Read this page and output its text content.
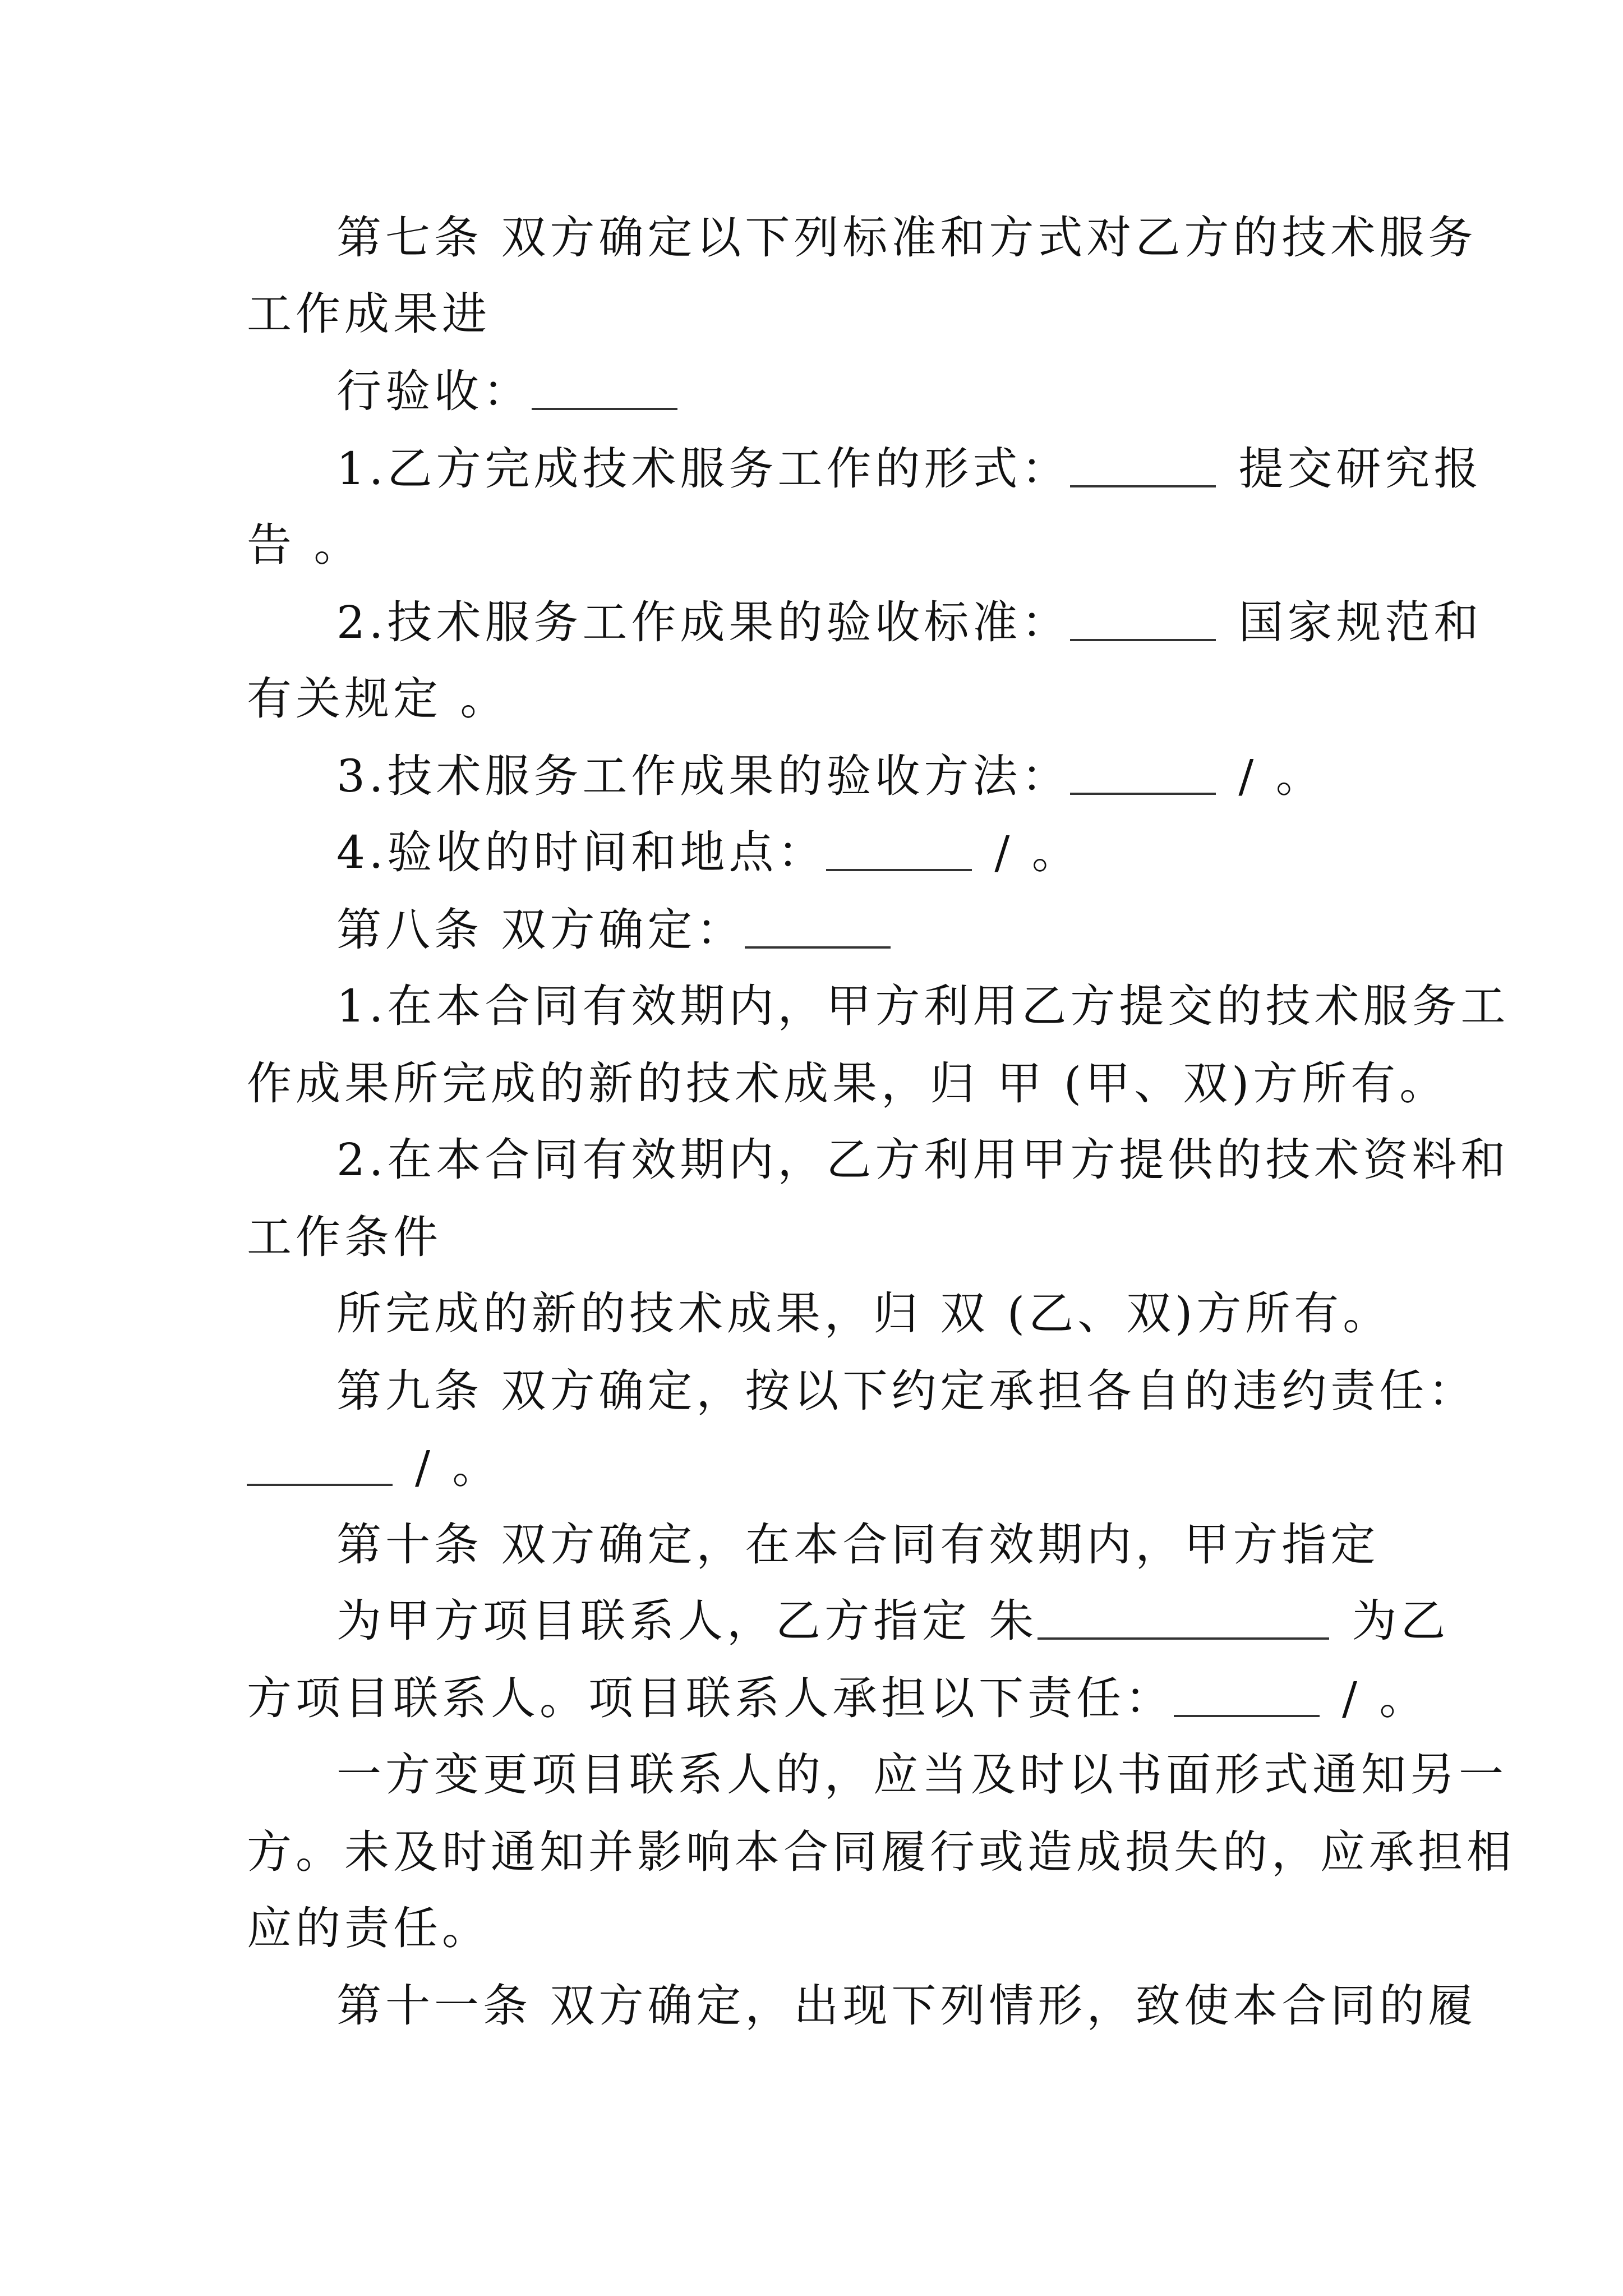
第七条 双方确定以下列标准和方式对乙方的技术服务
工作成果进
行验收：
1.乙方完成技术服务工作的形式：	提交研究报
告 。
2.技术服务工作成果的验收标准：	国家规范和
有关规定 。
3.技术服务工作成果的验收方法：	/ 。
4.验收的时间和地点：	/ 。
第八条 双方确定：
1.在本合同有效期内，甲方利用乙方提交的技术服务工
作成果所完成的新的技术成果，归 甲 (甲、双)方所有。
2.在本合同有效期内，乙方利用甲方提供的技术资料和
工作条件
所完成的新的技术成果，归 双 (乙、双)方所有。
第九条 双方确定，按以下约定承担各自的违约责任：
/ 。
第十条 双方确定，在本合同有效期内，甲方指定
为甲方项目联系人，乙方指定 朱	为乙
方项目联系人。项目联系人承担以下责任：	/ 。
一方变更项目联系人的，应当及时以书面形式通知另一
方。未及时通知并影响本合同履行或造成损失的，应承担相
应的责任。
第十一条 双方确定，出现下列情形，致使本合同的履
